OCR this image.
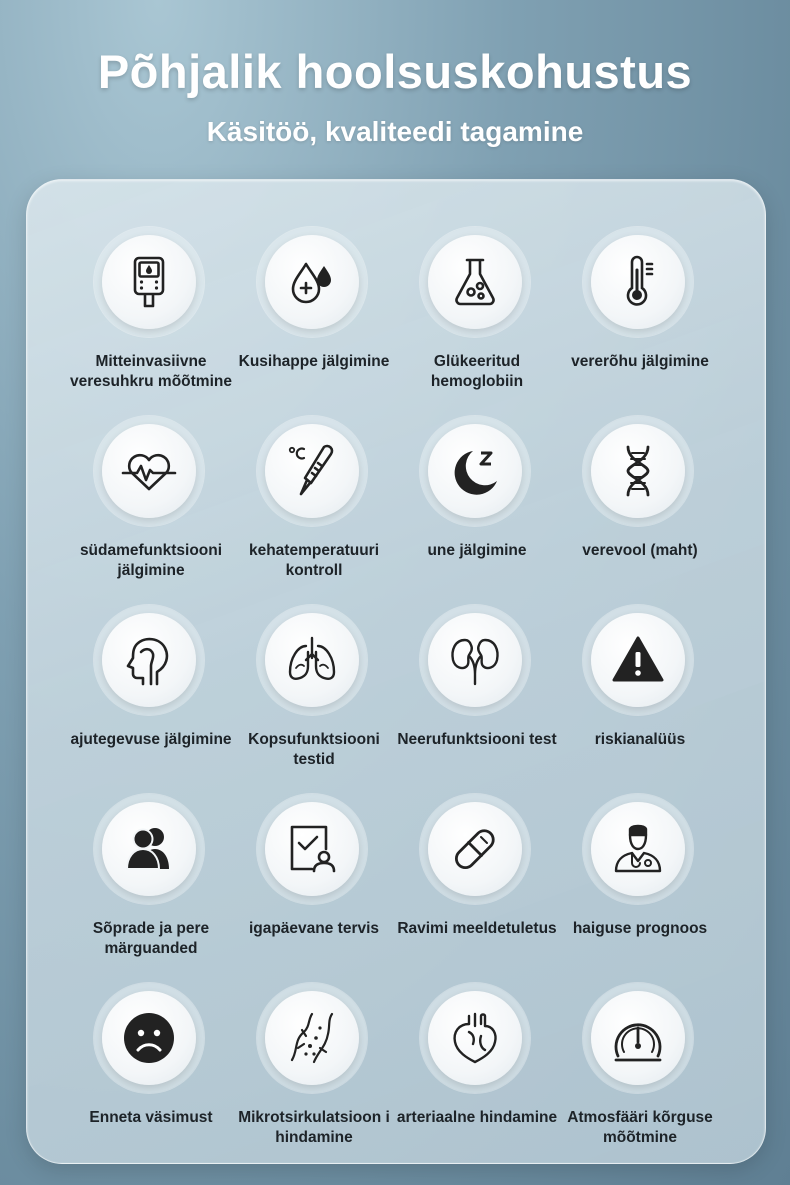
Põhjalik hoolsuskohustus
Käsitöö, kvaliteedi tagamine
Mitteinvasiivne veresuhkru mõõtmine
Kusihappe jälgimine	Glükeeritud hemoglobiin
vererõhu jälgimine
südamefunktsiooni jälgimine
kehatemperatuuri kontroll
une jälgimine	verevool (maht)
ajutegevuse jälgimine	Kopsufunktsiooni testid
Neerufunktsiooni test	riskianalüüs
Sõprade ja pere märguanded
igapäevane tervis	Ravimi meeldetuletus	haiguse prognoos
Enneta väsimust	Mikrotsirkulatsioon i hindamine
arteriaalne hindamine Atmosfääri kõrguse mõõtmine
